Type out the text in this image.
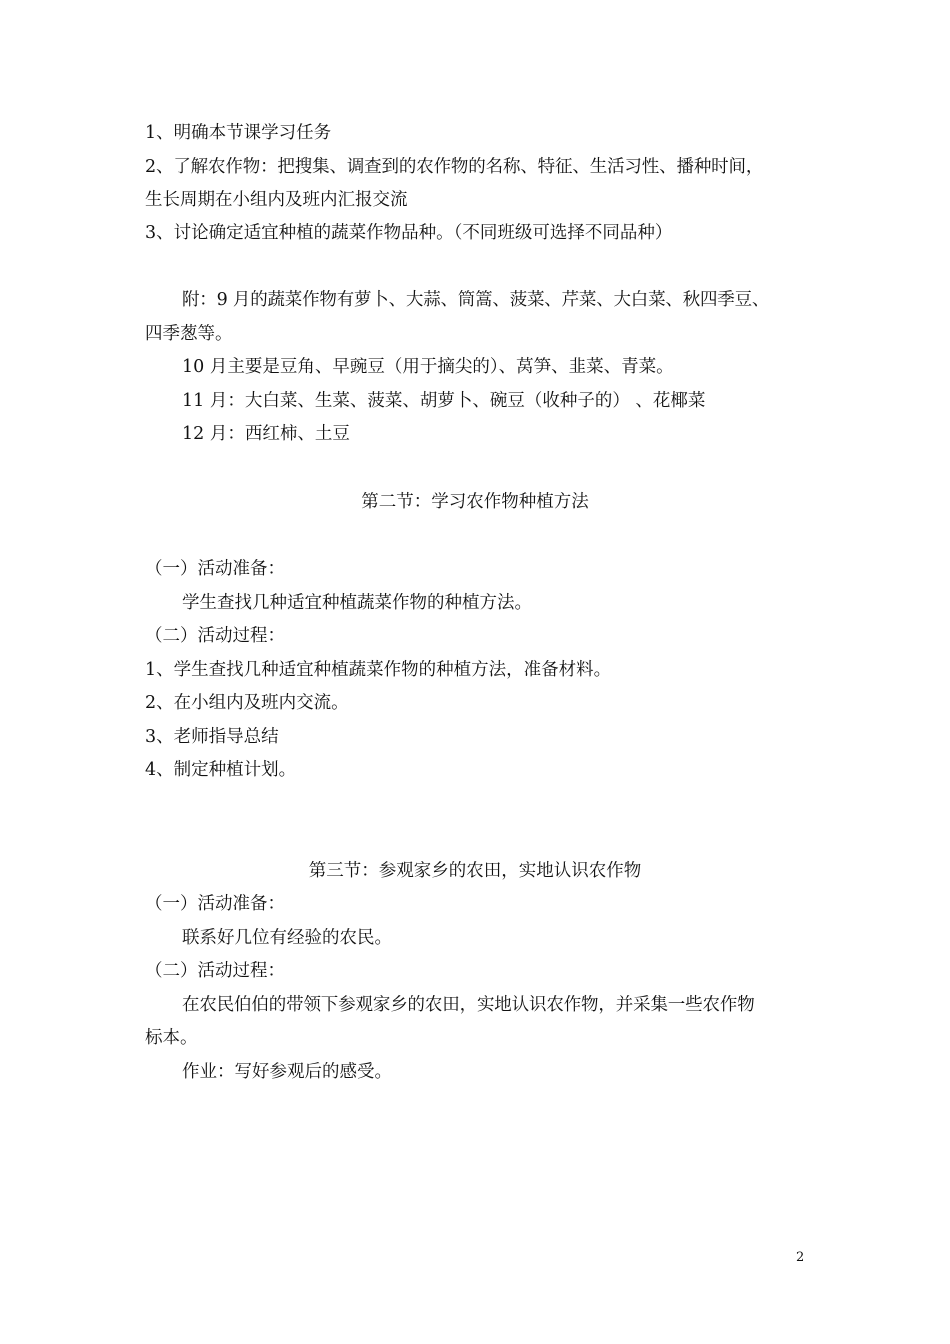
1、明确本节课学习任务
2、了解农作物：把搜集、调查到的农作物的名称、特征、生活习性、播种时间，
生长周期在小组内及班内汇报交流
3、讨论确定适宜种植的蔬菜作物品种。（不同班级可选择不同品种）
附：9 月的蔬菜作物有萝卜、大蒜、筒篙、菠菜、芹菜、大白菜、秋四季豆、
四季葱等。
10 月主要是豆角、早豌豆（用于摘尖的）、莴笋、韭菜、青菜。
11 月：大白菜、生菜、菠菜、胡萝卜、碗豆（收种子的） 、花椰菜
12 月：西红柿、土豆
第二节：学习农作物种植方法
（一）活动准备：
学生查找几种适宜种植蔬菜作物的种植方法。
（二）活动过程：
1、学生查找几种适宜种植蔬菜作物的种植方法，准备材料。
2、在小组内及班内交流。
3、老师指导总结
4、制定种植计划。
第三节：参观家乡的农田，实地认识农作物
（一）活动准备：
联系好几位有经验的农民。
（二）活动过程：
在农民伯伯的带领下参观家乡的农田，实地认识农作物，并采集一些农作物
标本。
作业：写好参观后的感受。
2
